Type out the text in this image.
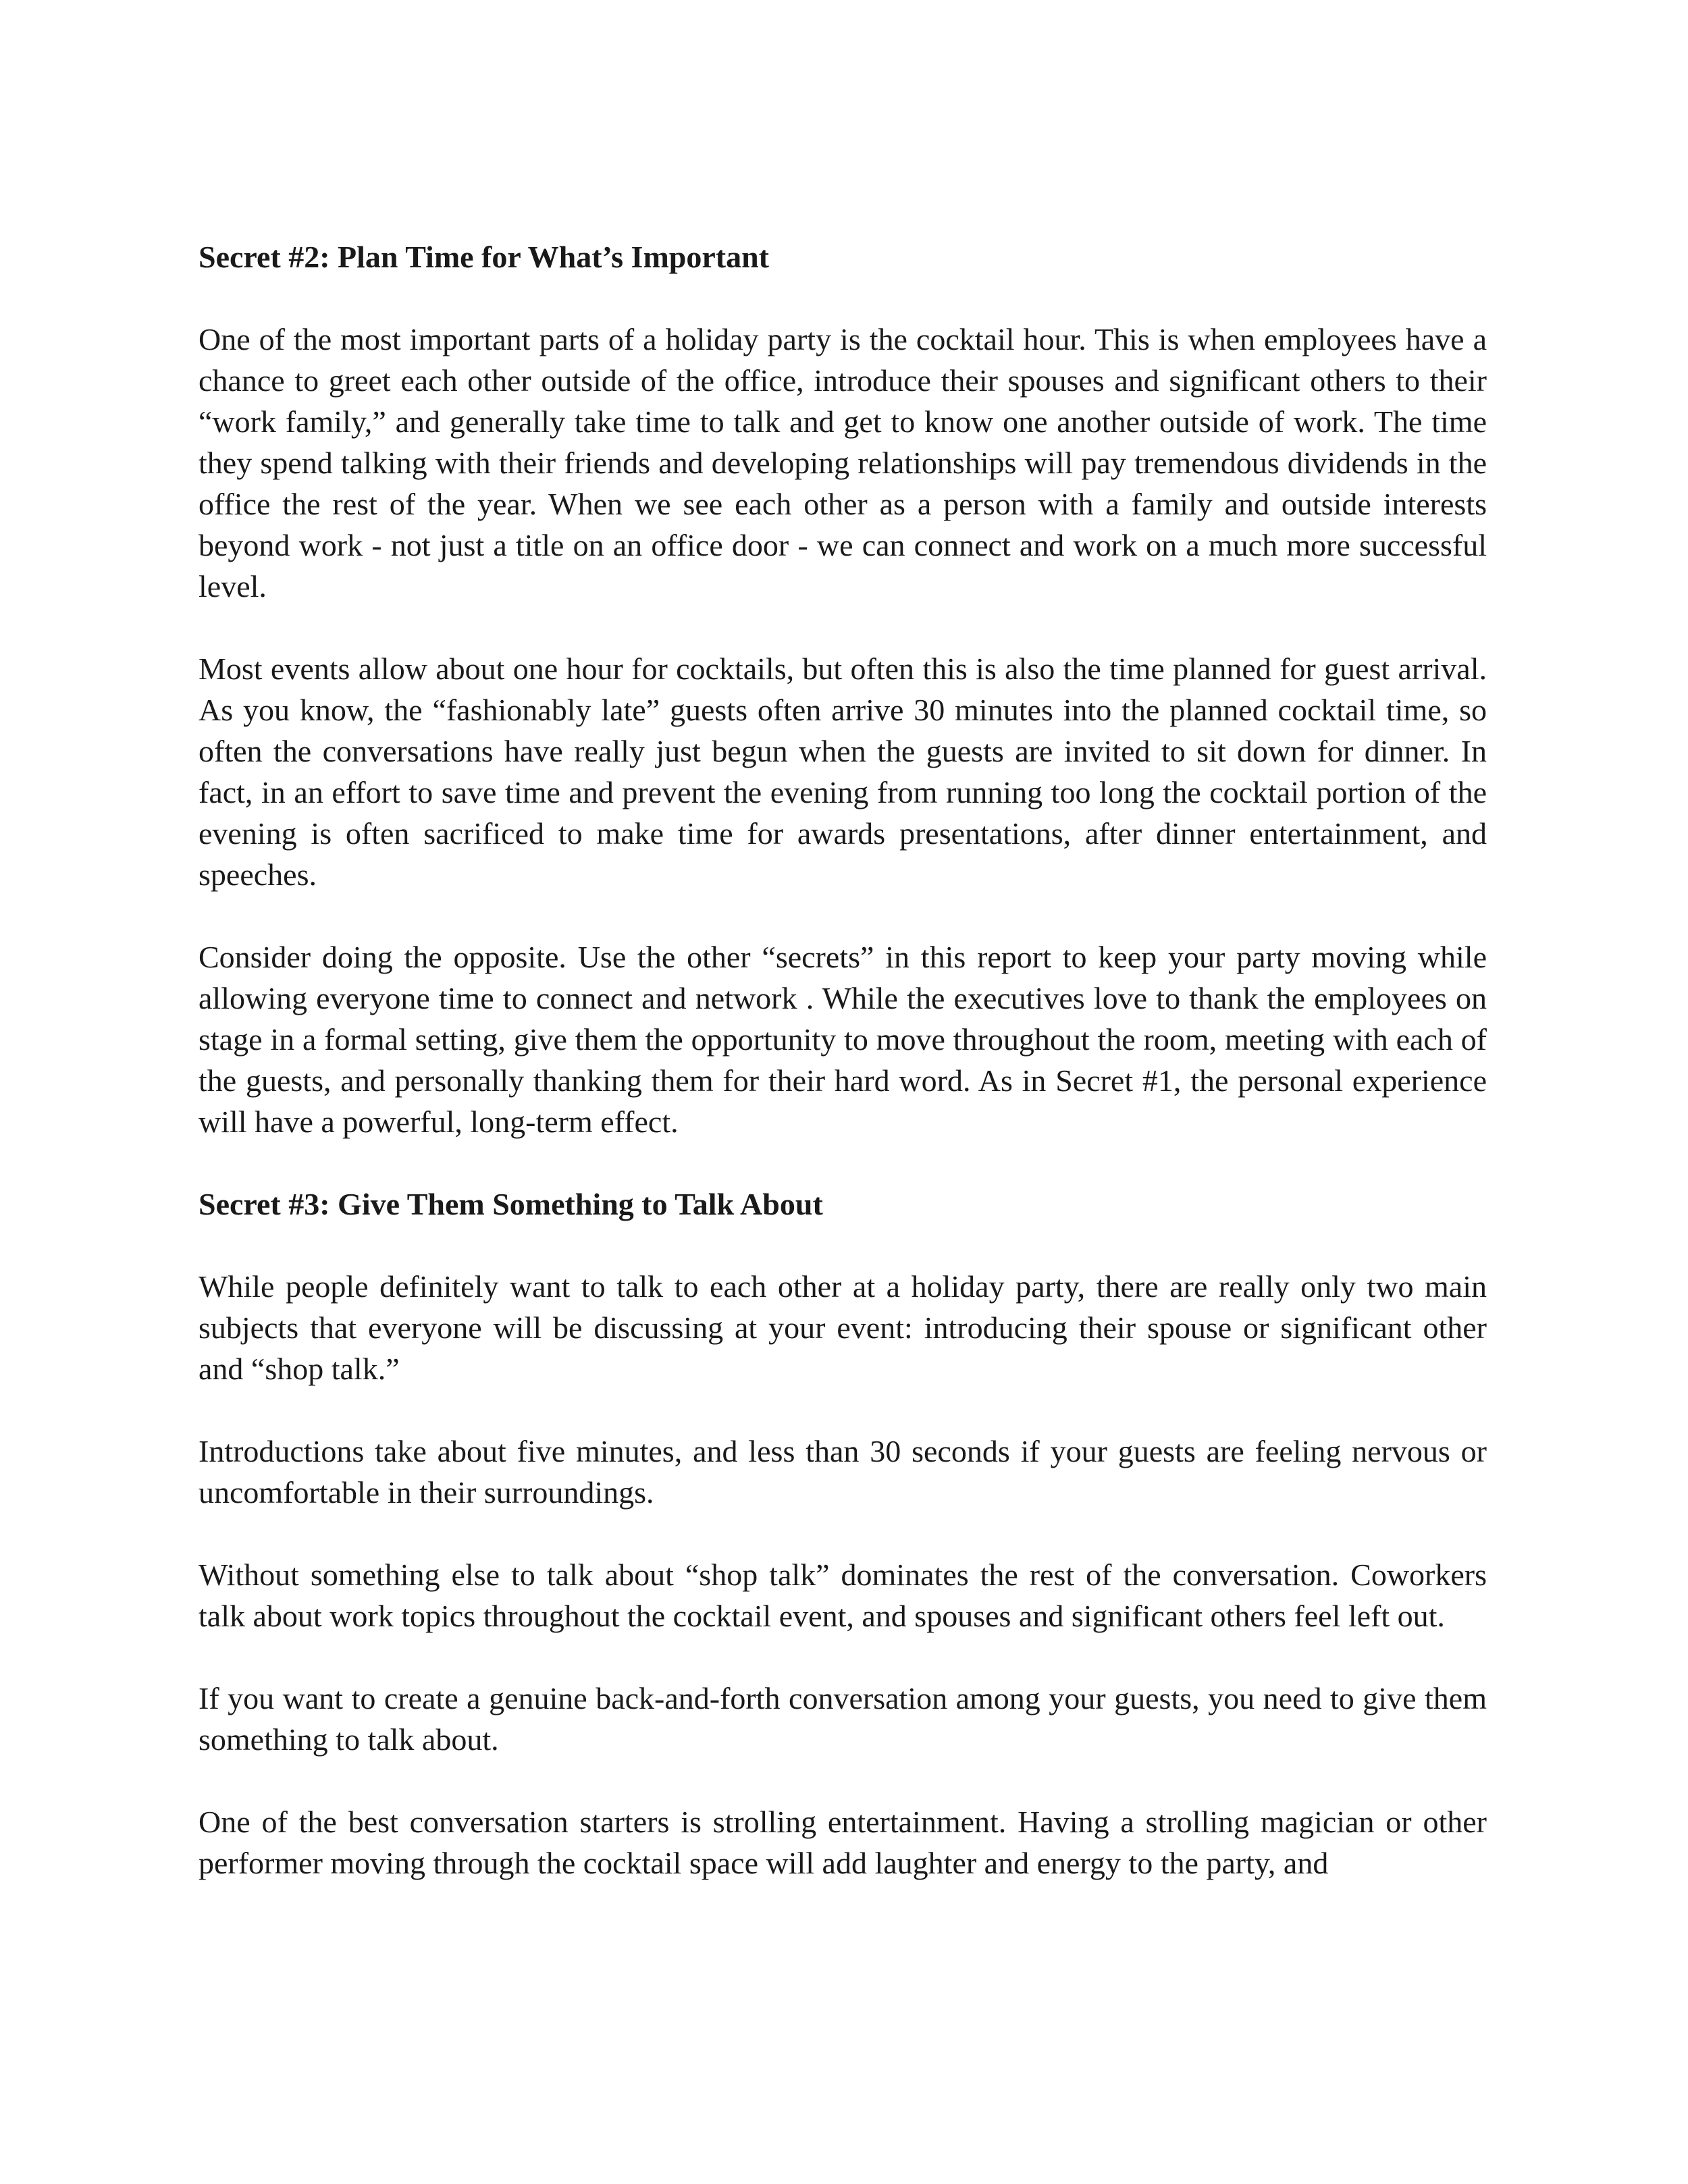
Secret #2: Plan Time for What’s Important

One of the most important parts of a holiday party is the cocktail hour. This is when employees have a chance to greet each other outside of the office, introduce their spouses and significant others to their “work family,” and generally take time to talk and get to know one another outside of work. The time they spend talking with their friends and developing relationships will pay tremendous dividends in the office the rest of the year. When we see each other as a person with a family and outside interests beyond work - not just a title on an office door - we can connect and work on a much more successful level.

Most events allow about one hour for cocktails, but often this is also the time planned for guest arrival. As you know, the “fashionably late” guests often arrive 30 minutes into the planned cocktail time, so often the conversations have really just begun when the guests are invited to sit down for dinner. In fact, in an effort to save time and prevent the evening from running too long the cocktail portion of the evening is often sacrificed to make time for awards presentations, after dinner entertainment, and speeches.

Consider doing the opposite. Use the other “secrets” in this report to keep your party moving while allowing everyone time to connect and network . While the executives love to thank the employees on stage in a formal setting, give them the opportunity to move throughout the room, meeting with each of the guests, and personally thanking them for their hard word. As in Secret #1, the personal experience will have a powerful, long-term effect.

Secret #3: Give Them Something to Talk About

While people definitely want to talk to each other at a holiday party, there are really only two main subjects that everyone will be discussing at your event: introducing their spouse or significant other and “shop talk.”

Introductions take about five minutes, and less than 30 seconds if your guests are feeling nervous or uncomfortable in their surroundings.

Without something else to talk about “shop talk” dominates the rest of the conversation. Coworkers talk about work topics throughout the cocktail event, and spouses and significant others feel left out.

If you want to create a genuine back-and-forth conversation among your guests, you need to give them something to talk about.

One of the best conversation starters is strolling entertainment. Having a strolling magician or other performer moving through the cocktail space will add laughter and energy to the party, and
